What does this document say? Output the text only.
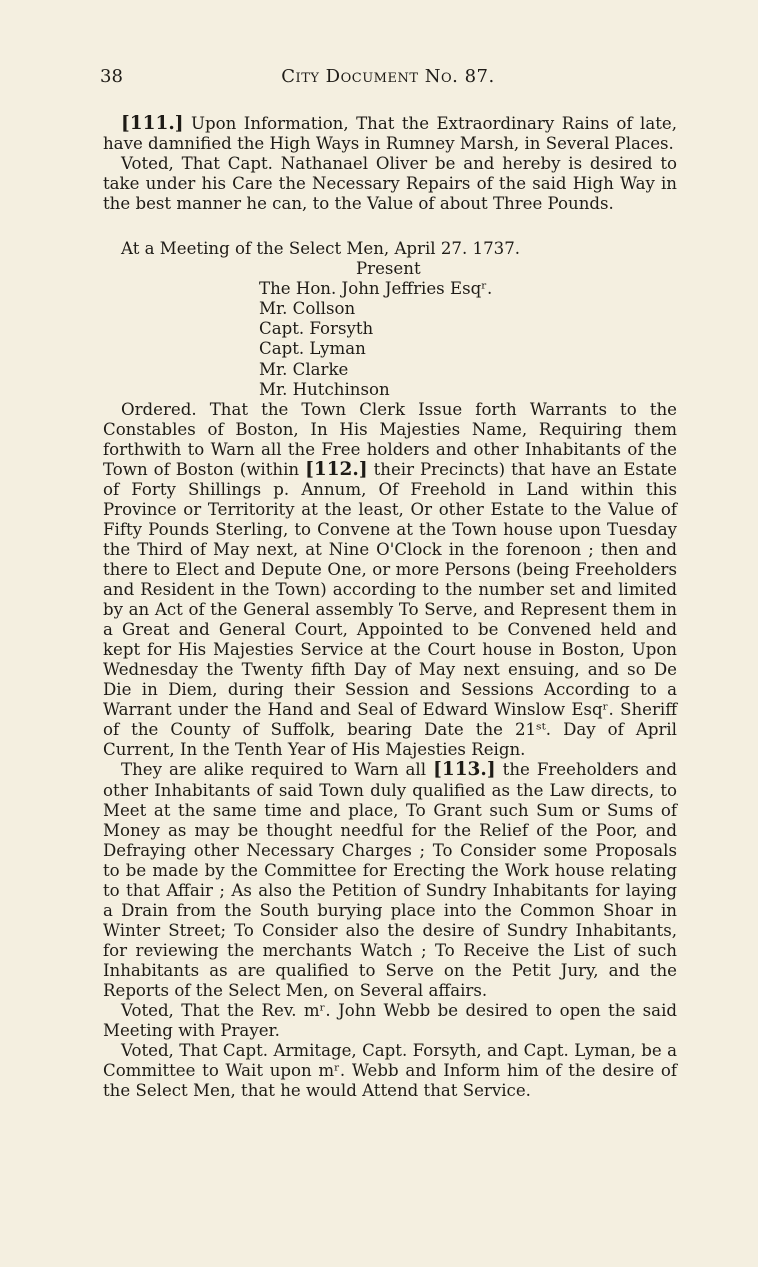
38	City Document No. 87.

[111.] Upon Information, That the Extraordinary Rains of late, have damnified the High Ways in Rumney Marsh, in Several Places.

Voted, That Capt. Nathanael Oliver be and hereby is desired to take under his Care the Necessary Repairs of the said High Way in the best manner he can, to the Value of about Three Pounds.

At a Meeting of the Select Men, April 27. 1737.

Present

The Hon. John Jeffries Esqʳ.

Mr. Collson

Capt. Forsyth

Capt. Lyman

Mr. Clarke

Mr. Hutchinson

Ordered. That the Town Clerk Issue forth Warrants to the Constables of Boston, In His Majesties Name, Requiring them forthwith to Warn all the Free holders and other Inhabitants of the Town of Boston (within [112.] their Precincts) that have an Estate of Forty Shillings p. Annum, Of Freehold in Land within this Province or Territority at the least, Or other Estate to the Value of Fifty Pounds Sterling, to Convene at the Town house upon Tuesday the Third of May next, at Nine O'Clock in the forenoon ; then and there to Elect and Depute One, or more Persons (being Freeholders and Resident in the Town) according to the number set and limited by an Act of the General assembly To Serve, and Represent them in a Great and General Court, Appointed to be Convened held and kept for His Majesties Service at the Court house in Boston, Upon Wednesday the Twenty fifth Day of May next ensuing, and so De Die in Diem, during their Session and Sessions According to a Warrant under the Hand and Seal of Edward Winslow Esqʳ. Sheriff of the County of Suffolk, bearing Date the 21ˢᵗ. Day of April Current, In the Tenth Year of His Majesties Reign.

They are alike required to Warn all [113.] the Freeholders and other Inhabitants of said Town duly qualified as the Law directs, to Meet at the same time and place, To Grant such Sum or Sums of Money as may be thought needful for the Relief of the Poor, and Defraying other Necessary Charges ; To Consider some Proposals to be made by the Committee for Erecting the Work house relating to that Affair ; As also the Petition of Sundry Inhabitants for laying a Drain from the South burying place into the Common Shoar in Winter Street; To Consider also the desire of Sundry Inhabitants, for reviewing the merchants Watch ; To Receive the List of such Inhabitants as are qualified to Serve on the Petit Jury, and the Reports of the Select Men, on Several affairs.

Voted, That the Rev. mʳ. John Webb be desired to open the said Meeting with Prayer.

Voted, That Capt. Armitage, Capt. Forsyth, and Capt. Lyman, be a Committee to Wait upon mʳ. Webb and Inform him of the desire of the Select Men, that he would Attend that Service.
